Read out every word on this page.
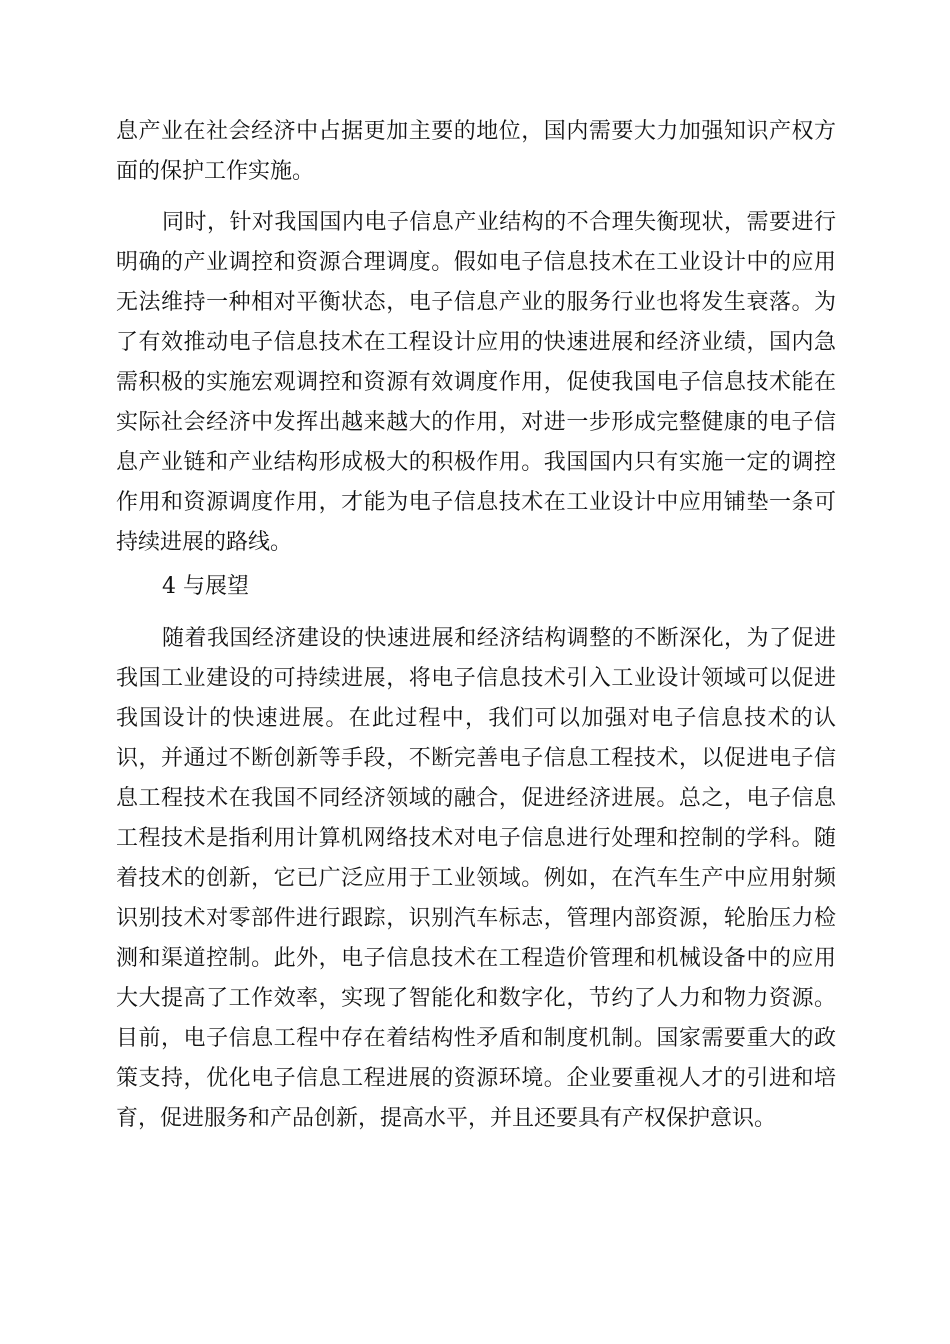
息产业在社会经济中占据更加主要的地位，国内需要大力加强知识产权方
面的保护工作实施。
同时，针对我国国内电子信息产业结构的不合理失衡现状，需要进行
明确的产业调控和资源合理调度。假如电子信息技术在工业设计中的应用
无法维持一种相对平衡状态，电子信息产业的服务行业也将发生衰落。为
了有效推动电子信息技术在工程设计应用的快速进展和经济业绩，国内急
需积极的实施宏观调控和资源有效调度作用，促使我国电子信息技术能在
实际社会经济中发挥出越来越大的作用，对进一步形成完整健康的电子信
息产业链和产业结构形成极大的积极作用。我国国内只有实施一定的调控
作用和资源调度作用，才能为电子信息技术在工业设计中应用铺垫一条可
持续进展的路线。
4 与展望
随着我国经济建设的快速进展和经济结构调整的不断深化，为了促进
我国工业建设的可持续进展，将电子信息技术引入工业设计领域可以促进
我国设计的快速进展。在此过程中，我们可以加强对电子信息技术的认
识，并通过不断创新等手段，不断完善电子信息工程技术，以促进电子信
息工程技术在我国不同经济领域的融合，促进经济进展。总之，电子信息
工程技术是指利用计算机网络技术对电子信息进行处理和控制的学科。随
着技术的创新，它已广泛应用于工业领域。例如，在汽车生产中应用射频
识别技术对零部件进行跟踪，识别汽车标志，管理内部资源，轮胎压力检
测和渠道控制。此外，电子信息技术在工程造价管理和机械设备中的应用
大大提高了工作效率，实现了智能化和数字化，节约了人力和物力资源。
目前，电子信息工程中存在着结构性矛盾和制度机制。国家需要重大的政
策支持，优化电子信息工程进展的资源环境。企业要重视人才的引进和培
育，促进服务和产品创新，提高水平，并且还要具有产权保护意识。
